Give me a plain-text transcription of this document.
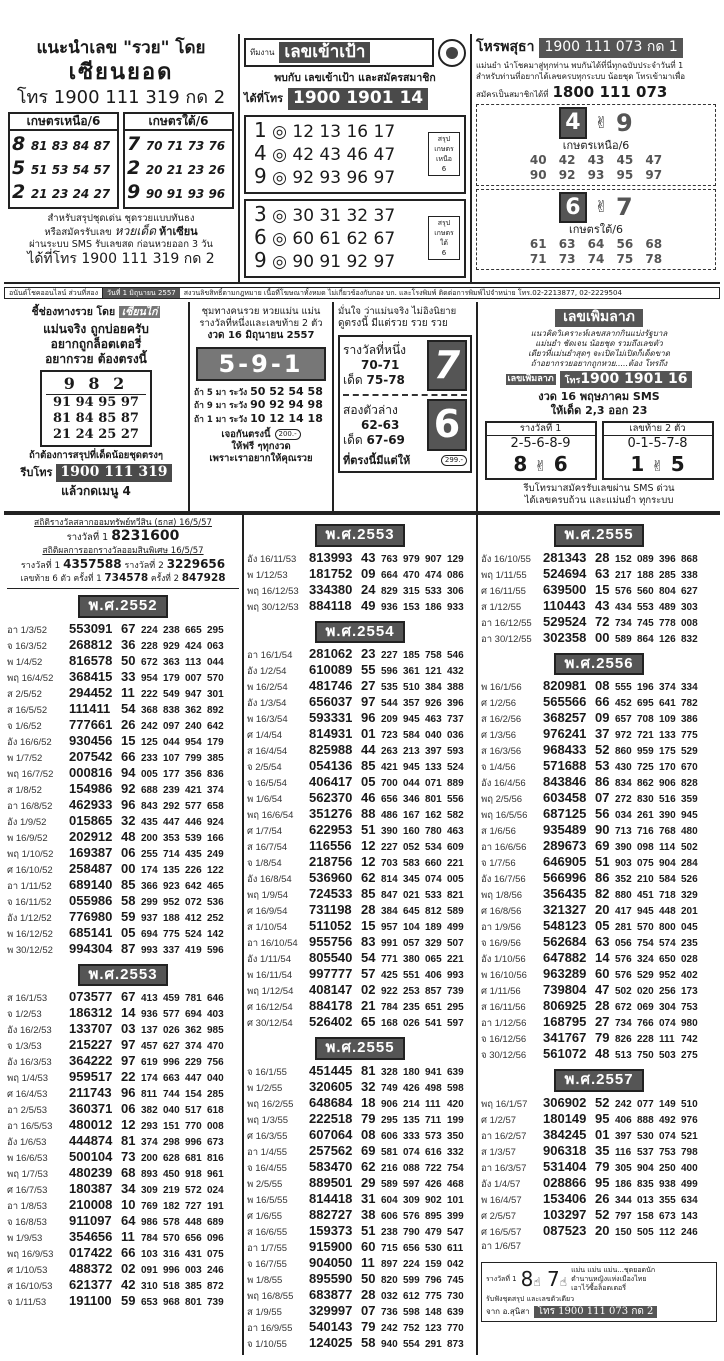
แนะนำเลข "รวย" โดย
เซียนยอด
โทร 1900 111 319 กด 2
เกษตรเหนือ/6
8 81 83 84 87
5 51 53 54 57
2 21 23 24 27
เกษตรใต้/6
7 70 71 73 76
2 20 21 23 26
9 90 91 93 96
สำหรับสรุปชุดเด่น ชุดรวยแบบทันธง
หรือสมัครรับเลข หวยเด็ด ห้าเซียน
ผ่านระบบ SMS รับเลขสด ก่อนหวยออก 3 วัน
ได้ที่โทร 1900 111 319 กด 2
ทีมงาน เลขเข้าเป้า
พบกับ เลขเข้าเป้า และสมัครสมาชิก
ได้ที่โทร 1900 1901 14
1 ◎ 12 13 16 17
4 ◎ 42 43 46 47
9 ◎ 92 93 96 97
สรุป
เกษตร
เหนือ
6
3 ◎ 30 31 32 37
6 ◎ 60 61 62 67
9 ◎ 90 91 92 97
สรุป
เกษตร
ใต้
6
โหรพสุธา 1900 111 073 กด 1
แม่นยำ นำโชคมาสู่ทุกท่าน พบกันได้ที่นี่ทุกฉบับประจำวันที่ 1
สำหรับท่านที่อยากได้เลขครบทุกระบบ น้อยชุด โทรเข้ามาเพื่อ
สมัครเป็นสมาชิกได้ที่ 1800 111 073
4 ✌ 9
เกษตรเหนือ/6
40 42 43 45 47
90 92 93 95 97
6 ✌ 7
เกษตรใต้/6
61 63 64 56 68
71 73 74 75 78
อนันต์โชคออนไลน์ ส่วนที่สอง	วันที่ 1 มิถุนายน 2557	สงวนลิขสิทธิ์ตามกฎหมาย เนื้อที่โฆษณาทั้งหมด ไม่เกี่ยวข้องกับกอง บก. และโรงพิมพ์ ติดต่อการพิมพ์ไปจำหน่าย โทร.02-2213877, 02-2229504
ชี้ช่องทางรวย โดย เซียนไก่
แม่นจริง ถูกบ่อยครับ
อยากถูกล็อตเตอรี่
อยากรวย ต้องตรงนี้
9 8 2
91 94 95 97
81 84 85 87
21 24 25 27
ถ้าต้องการสรุปที่เด็ดน้อยชุดตรงๆ
รีบโทร 1900 111 319
แล้วกดเมนู 4
ชุมทางคนรวย หวยแม่น แม่น
รางวัลที่หนึ่งและเลขท้าย 2 ตัว
งวด 16 มิถุนายน 2557
5-9-1
ถ้า 5 มา ระวัง 50 52 54 58
ถ้า 9 มา ระวัง 90 92 94 98
ถ้า 1 มา ระวัง 10 12 14 18
เจอกันตรงนี้	200.-
ให้ฟรี ๆทุกงวด
เพราะเราอยากให้คุณรวย
มั่นใจ ว่าแม่นจริง ไม่อิงนิยาย
ดูตรงนี้ มีแต่รวย รวย รวย
รางวัลที่หนึ่ง
70-71
เด็ด 75-78 7
สองตัวล่าง
62-63
เด็ด 67-69 6
ที่ตรงนี้มีแต่ให้	299.-
เลขเพิ่มลาภ
แนวคิดวิเคราะห์เลขสลากกินแบ่งรัฐบาล
แม่นยำ ชัดเจน น้อยชุด รวมถึงเลขตัว
เดียวที่แม่นยำสุดๆ จะเปิดไม่เปิดก็เด็ดขาด
ถ้าอยากรวยอยากถูกหวย.....ต้อง โทรถึง
เลขเพิ่มลาภ	โทร1900 1901 16
งวด 16 พฤษภาคม SMS
ให้เด็ด 2,3 ออก 23
รางวัลที่ 1
2-5-6-8-9
8 ✌ 6
เลขท้าย 2 ตัว
0-1-5-7-8
1 ✌ 5
รีบโทรมาสมัครรับเลขผ่าน SMS ด่วน
ได้เลขครบถ้วน และแม่นยำ ทุกระบบ
สถิติรางวัลสลากออมทรัพย์ทวีสิน (ธกส) 16/5/57
รางวัลที่ 1 8231600
สถิติผลการออกรางวัลออมสินพิเศษ 16/5/57
รางวัลที่ 1 4357588 รางวัลที่ 2 3229656
เลขท้าย 6 ตัว ครั้งที่ 1 734578 ครั้งที่ 2 847928
พ.ศ.2552
อา 1/3/52	553091 67 224 238 665 295
จ 16/3/52	268812 36 228 929 424 063
พ 1/4/52	816578 50 672 363 113 044
พฤ 16/4/52	368415 33 954 179 007 570
ส 2/5/52	294452 11 222 549 947 301
ส 16/5/52	111411 54 368 838 362 892
จ 1/6/52	777661 26 242 097 240 642
อัง 16/6/52	930456 15 125 044 954 179
พ 1/7/52	207542 66 233 107 799 385
พฤ 16/7/52	000816 94 005 177 356 836
ส 1/8/52	154986 92 688 239 421 374
อา 16/8/52	462933 96 843 292 577 658
อัง 1/9/52	015865 32 435 447 446 924
พ 16/9/52	202912 48 200 353 539 166
พฤ 1/10/52	169387 06 255 714 435 249
ศ 16/10/52	258487 00 174 135 226 122
อา 1/11/52	689140 85 366 923 642 465
จ 16/11/52	055986 58 299 952 072 536
อัง 1/12/52	776980 59 937 188 412 252
พ 16/12/52	685141 05 694 775 524 142
พ 30/12/52	994304 87 993 337 419 596
พ.ศ.2553
ส 16/1/53	073577 67 413 459 781 646
จ 1/2/53	186312 14 936 577 694 403
อัง 16/2/53	133707 03 137 026 362 985
จ 1/3/53	215227 97 457 627 374 470
อัง 16/3/53	364222 97 619 996 229 756
พฤ 1/4/53	959517 22 174 663 447 040
ศ 16/4/53	211743 96 811 744 154 285
อา 2/5/53	360371 06 382 040 517 618
อา 16/5/53	480012 12 293 151 770 008
อัง 1/6/53	444874 81 374 298 996 673
พ 16/6/53	500104 73 200 628 681 816
พฤ 1/7/53	480239 68 893 450 918 961
ศ 16/7/53	180387 34 309 219 572 024
อา 1/8/53	210008 10 769 182 727 191
จ 16/8/53	911097 64 986 578 448 689
พ 1/9/53	354656 11 784 570 656 096
พฤ 16/9/53	017422 66 103 316 431 075
ศ 1/10/53	488372 02 091 996 003 246
ส 16/10/53	621377 42 310 518 385 872
จ 1/11/53	191100 59 653 968 801 739
พ.ศ.2553
อัง 16/11/53 813993 43 763 979 907 129
พ 1/12/53	181752 09 664 470 474 086
พฤ 16/12/53 334380 24 829 315 533 306
พฤ 30/12/53 884118 49 936 153 186 933
พ.ศ.2554
อา 16/1/54	281062 23 227 185 758 546
อัง 1/2/54	610089 55 596 361 121 432
พ 16/2/54	481746 27 535 510 384 388
อัง 1/3/54	656037 97 544 357 926 396
พ 16/3/54	593331 96 209 945 463 737
ศ 1/4/54	814931 01 723 584 040 036
ส 16/4/54	825988 44 263 213 397 593
จ 2/5/54	054136 85 421 945 133 524
จ 16/5/54	406417 05 700 044 071 889
พ 1/6/54	562370 46 656 346 801 556
พฤ 16/6/54	351276 88 486 167 162 582
ศ 1/7/54	622953 51 390 160 780 463
ส 16/7/54	116556 12 227 052 534 609
จ 1/8/54	218756 12 703 583 660 221
อัง 16/8/54	536960 62 814 345 074 005
พฤ 1/9/54	724533 85 847 021 533 821
ศ 16/9/54	731198 28 384 645 812 589
ส 1/10/54	511052 15 957 104 189 499
อา 16/10/54 955756 83 991 057 329 507
อัง 1/11/54	805540 54 771 380 065 221
พ 16/11/54	997777 57 425 551 406 993
พฤ 1/12/54	408147 02 922 253 857 739
ศ 16/12/54	884178 21 784 235 651 295
ศ 30/12/54	526402 65 168 026 541 597
พ.ศ.2555
จ 16/1/55	451445 81 328 180 941 639
พ 1/2/55	320605 32 749 426 498 598
พฤ 16/2/55	648684 18 906 214 111 420
พฤ 1/3/55	222518 79 295 135 711 199
ศ 16/3/55	607064 08 606 333 573 350
อา 1/4/55	257562 69 581 074 616 332
จ 16/4/55	583470 62 216 088 722 754
พ 2/5/55	889501 29 589 597 426 468
พ 16/5/55	814418 31 604 309 902 101
ศ 1/6/55	882727 38 606 576 895 399
ส 16/6/55	159373 51 238 790 479 547
อา 1/7/55	915900 60 715 656 530 611
จ 16/7/55	904050 11 897 224 159 042
พ 1/8/55	895590 50 820 599 796 745
พฤ 16/8/55	683877 28 032 612 775 730
ส 1/9/55	329997 07 736 598 148 639
อา 16/9/55	540143 79 242 752 123 770
จ 1/10/55	124025 58 940 554 291 873
พ.ศ.2555
อัง 16/10/55 281343 28 152 089 396 868
พฤ 1/11/55	524694 63 217 188 285 338
ศ 16/11/55	639500 15 576 560 804 627
ส 1/12/55	110443 43 434 553 489 303
อา 16/12/55 529524 72 734 745 778 008
อา 30/12/55 302358 00 589 864 126 832
พ.ศ.2556
พ 16/1/56	820981 08 555 196 374 334
ศ 1/2/56	565566 66 452 695 641 782
ส 16/2/56	368257 09 657 708 109 386
ศ 1/3/56	976241 37 972 721 133 775
ส 16/3/56	968433 52 860 959 175 529
จ 1/4/56	571688 53 430 725 170 670
อัง 16/4/56	843846 86 834 862 906 828
พฤ 2/5/56	603458 07 272 830 516 359
พฤ 16/5/56	687125 56 034 261 390 945
ส 1/6/56	935489 90 713 716 768 480
อา 16/6/56	289673 69 390 098 114 502
จ 1/7/56	646905 51 903 075 904 284
อัง 16/7/56	566996 86 352 210 584 526
พฤ 1/8/56	356435 82 880 451 718 329
ศ 16/8/56	321327 20 417 945 448 201
อา 1/9/56	548123 05 281 570 800 045
จ 16/9/56	562684 63 056 754 574 235
อัง 1/10/56	647882 14 576 324 650 028
พ 16/10/56	963289 60 576 529 952 402
ศ 1/11/56	739804 47 502 020 256 173
ส 16/11/56	806925 28 672 069 304 753
อา 1/12/56	168795 27 734 766 074 980
จ 16/12/56	341767 79 826 228 111 742
จ 30/12/56	561072 48 513 750 503 275
พ.ศ.2557
พฤ 16/1/57	306902 52 242 077 149 510
ศ 1/2/57	180149 95 406 888 492 976
อา 16/2/57	384245 01 397 530 074 521
ส 1/3/57	906318 35 116 537 753 798
อา 16/3/57	531404 79 305 904 250 400
อัง 1/4/57	028866 95 186 835 938 499
พ 16/4/57	153406 26 344 013 355 634
ศ 2/5/57	103297 52 797 158 673 143
ศ 16/5/57	087523 20 150 505 112 246
อา 1/6/57
รางวัลที่ 1 8☝ 7☝
แม่น แม่น แม่น...ชุดยอดนัก
ตำนานหญิงแห่งเมืองไทย
เอาไว้ซื้อล็อตเตอรี่
รับฟังชุดสรุป และเลขตัวเดียว
จาก อ.สุนิสา โทร 1900 111 073 กด 2
